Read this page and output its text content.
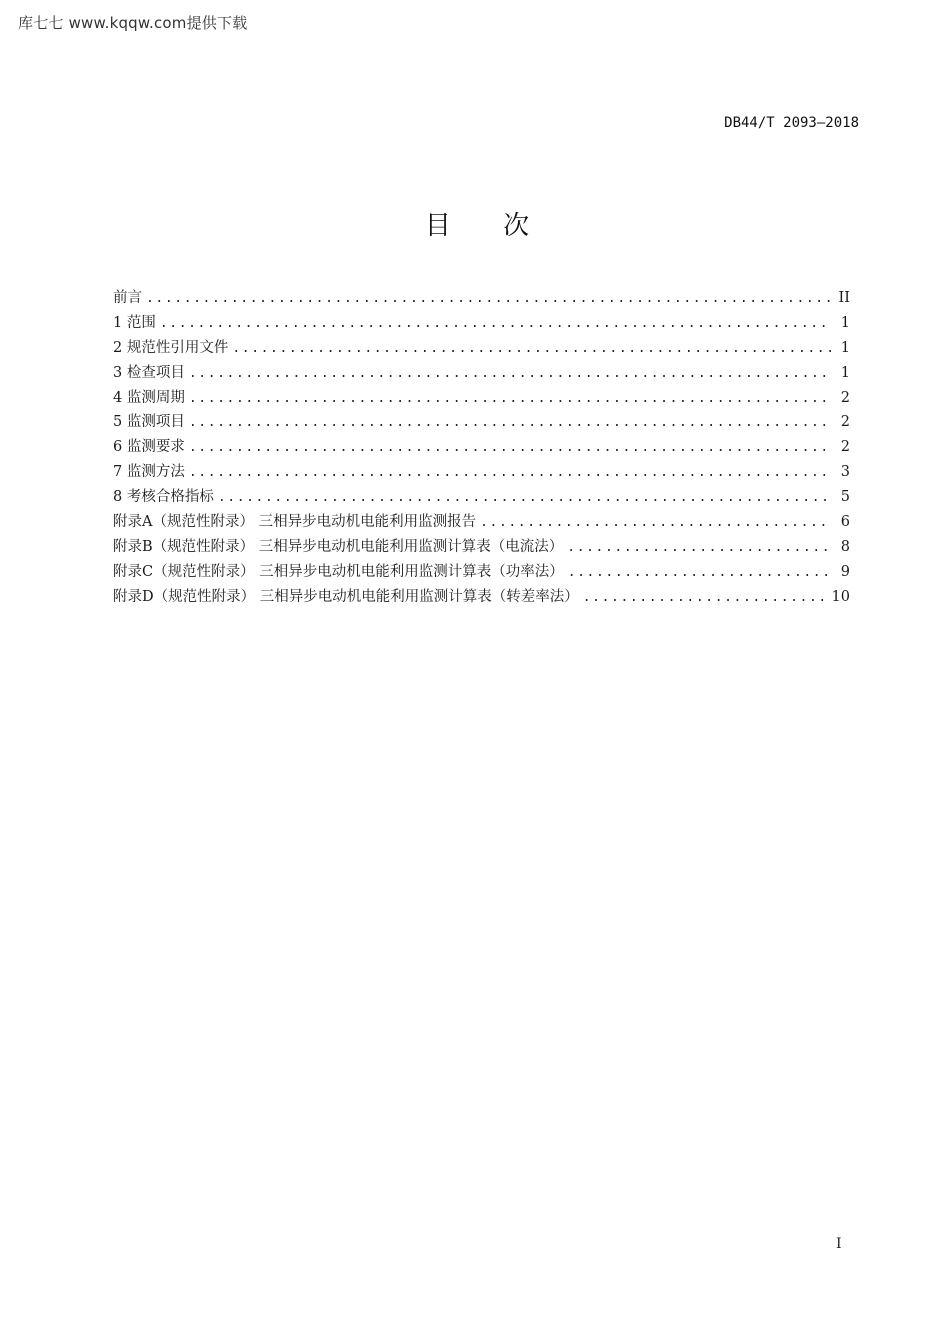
库七七 www.kqqw.com提供下载
DB44/T 2093—2018
目 次
前言 .....	II
1 范围 .....	1
2 规范性引用文件 .....	1
3 检查项目 .....	1
4 监测周期 .....	2
5 监测项目 .....	2
6 监测要求 .....	2
7 监测方法 .....	3
8 考核合格指标 .....	5
附录A（规范性附录） 三相异步电动机电能利用监测报告 .....	6
附录B（规范性附录） 三相异步电动机电能利用监测计算表（电流法） .....	8
附录C（规范性附录） 三相异步电动机电能利用监测计算表（功率法） .....	9
附录D（规范性附录） 三相异步电动机电能利用监测计算表（转差率法） .....	10
I
